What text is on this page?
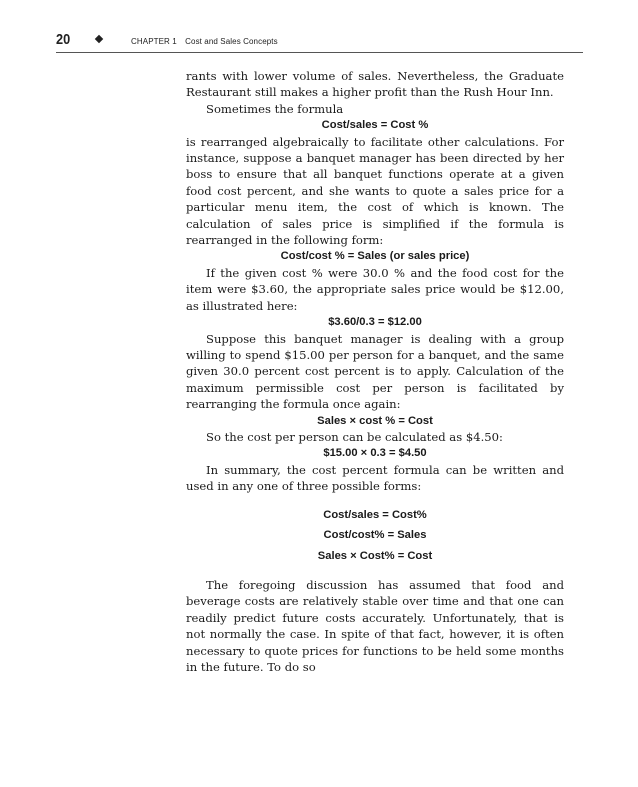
20	CHAPTER 1 Cost and Sales Concepts

rants with lower volume of sales. Nevertheless, the Graduate Restaurant still makes a higher profit than the Rush Hour Inn.

Sometimes the formula

Cost/sales = Cost %

is rearranged algebraically to facilitate other calculations. For instance, suppose a banquet manager has been directed by her boss to ensure that all banquet functions operate at a given food cost percent, and she wants to quote a sales price for a particular menu item, the cost of which is known. The calculation of sales price is simplified if the formula is rearranged in the following form:

Cost/cost % = Sales (or sales price)

If the given cost % were 30.0 % and the food cost for the item were $3.60, the appropriate sales price would be $12.00, as illustrated here:

$3.60/0.3 = $12.00

Suppose this banquet manager is dealing with a group willing to spend $15.00 per person for a banquet, and the same given 30.0 percent cost percent is to apply. Calculation of the maximum permissible cost per person is facilitated by rearranging the formula once again:

Sales × cost % = Cost

So the cost per person can be calculated as $4.50:

$15.00 × 0.3 = $4.50

In summary, the cost percent formula can be written and used in any one of three possible forms:

Cost/sales = Cost%

Cost/cost% = Sales

Sales × Cost% = Cost

The foregoing discussion has assumed that food and beverage costs are relatively stable over time and that one can readily predict future costs accurately. Unfortunately, that is not normally the case. In spite of that fact, however, it is often necessary to quote prices for functions to be held some months in the future. To do so
